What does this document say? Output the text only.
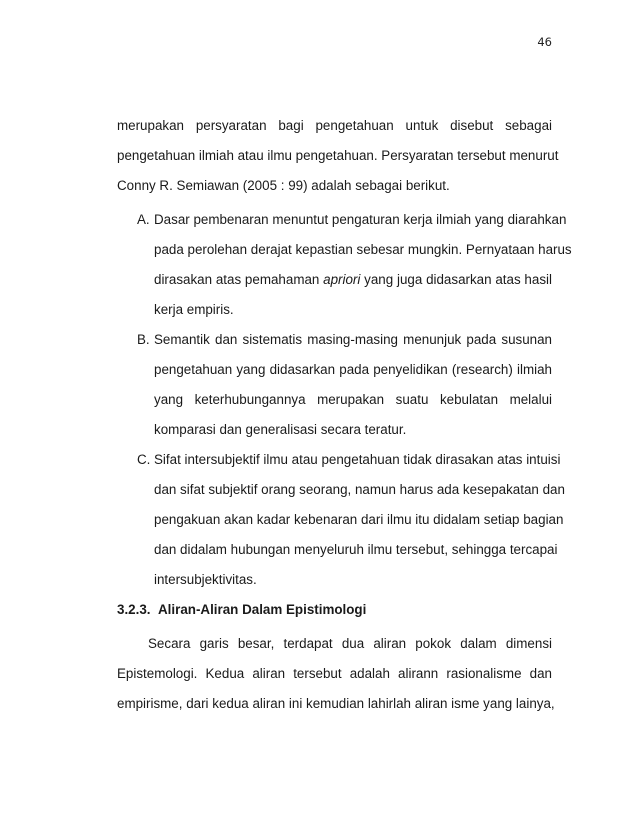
46
merupakan persyaratan bagi pengetahuan untuk disebut sebagai
pengetahuan ilmiah atau ilmu pengetahuan. Persyaratan tersebut menurut
Conny R. Semiawan (2005 : 99) adalah sebagai berikut.
A. Dasar pembenaran menuntut pengaturan kerja ilmiah yang diarahkan
pada perolehan derajat kepastian sebesar mungkin. Pernyataan harus
dirasakan atas pemahaman apriori yang juga didasarkan atas hasil
kerja empiris.
B. Semantik dan sistematis masing-masing menunjuk pada susunan
pengetahuan yang didasarkan pada penyelidikan (research) ilmiah
yang keterhubungannya merupakan suatu kebulatan melalui
komparasi dan generalisasi secara teratur.
C. Sifat intersubjektif ilmu atau pengetahuan tidak dirasakan atas intuisi
dan sifat subjektif orang seorang, namun harus ada kesepakatan dan
pengakuan akan kadar kebenaran dari ilmu itu didalam setiap bagian
dan didalam hubungan menyeluruh ilmu tersebut, sehingga tercapai
intersubjektivitas.
3.2.3. Aliran-Aliran Dalam Epistimologi
Secara garis besar, terdapat dua aliran pokok dalam dimensi
Epistemologi. Kedua aliran tersebut adalah alirann rasionalisme dan
empirisme, dari kedua aliran ini kemudian lahirlah aliran isme yang lainya,
